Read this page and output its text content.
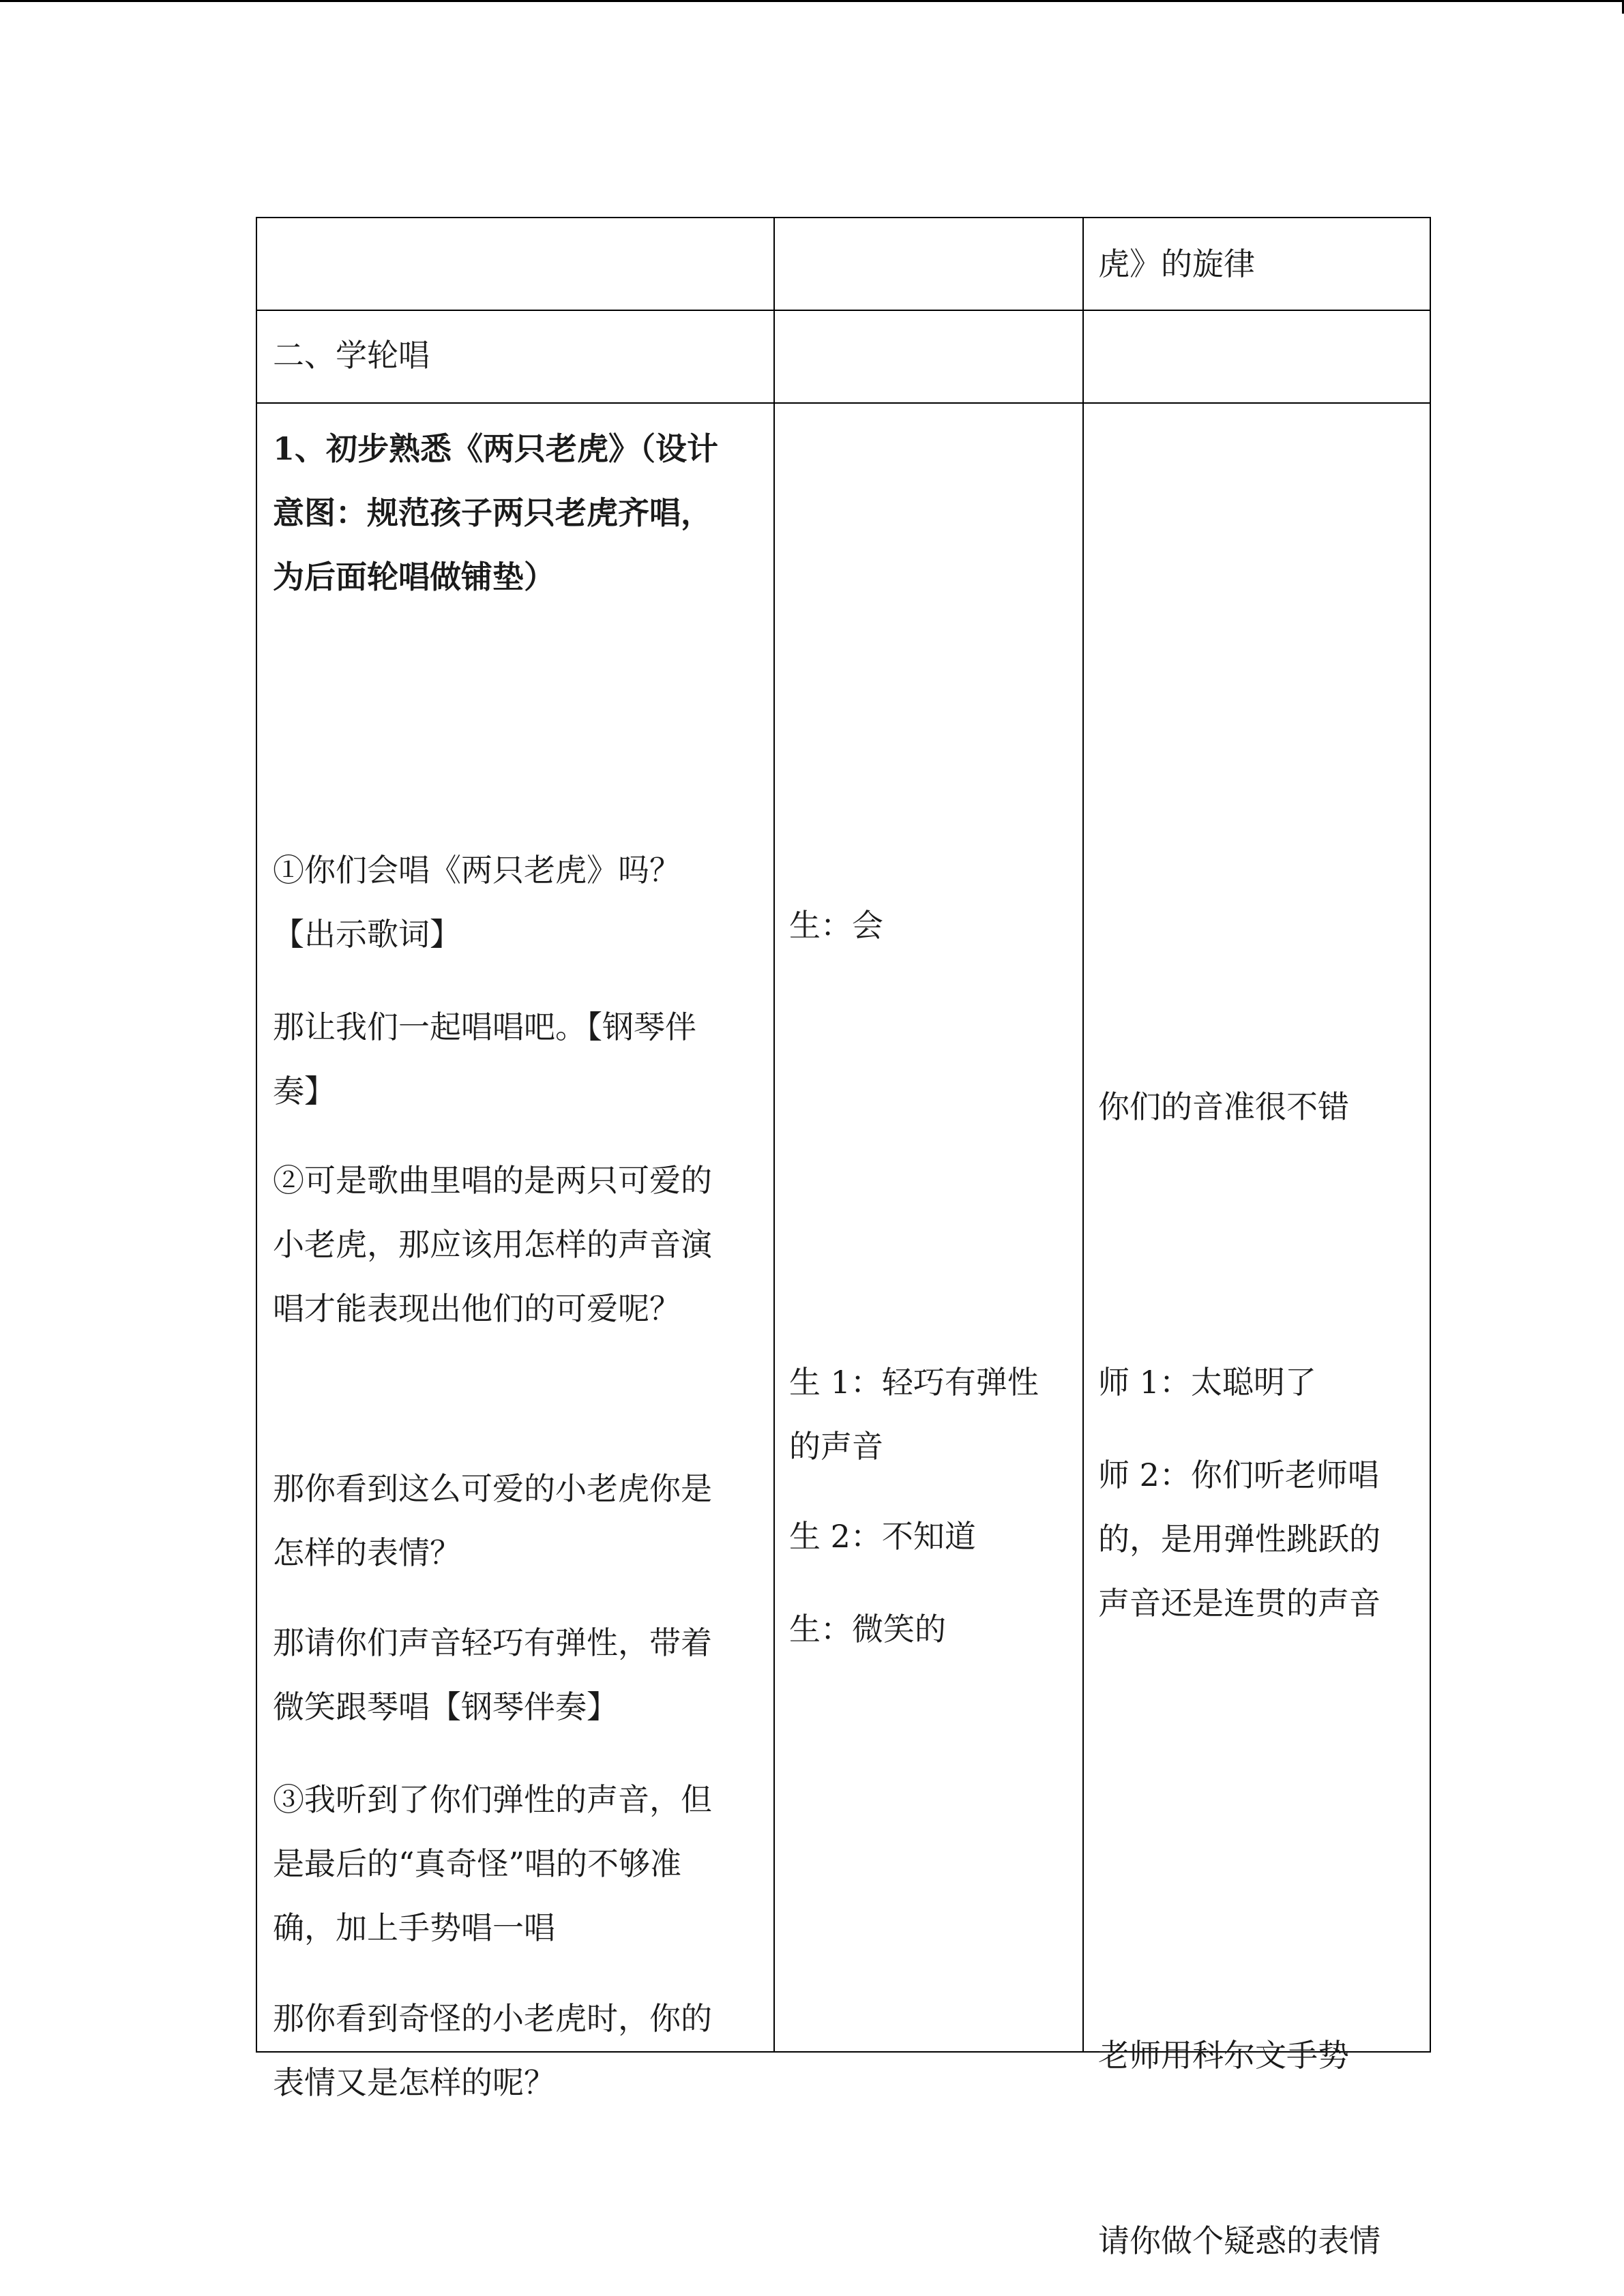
虎》的旋律
二、学轮唱
1、初步熟悉《两只老虎》（设计
意图：规范孩子两只老虎齐唱，
为后面轮唱做铺垫）
①你们会唱《两只老虎》吗？
【出示歌词】
那让我们一起唱唱吧。【钢琴伴
奏】
②可是歌曲里唱的是两只可爱的
小老虎，那应该用怎样的声音演
唱才能表现出他们的可爱呢？
那你看到这么可爱的小老虎你是
怎样的表情？
那请你们声音轻巧有弹性，带着
微笑跟琴唱【钢琴伴奏】
③我听到了你们弹性的声音，但
是最后的“真奇怪”唱的不够准
确，加上手势唱一唱
那你看到奇怪的小老虎时，你的
表情又是怎样的呢？
生：会
生 1：轻巧有弹性
的声音
生 2：不知道
生：微笑的
你们的音准很不错
师 1：太聪明了
师 2：你们听老师唱
的，是用弹性跳跃的
声音还是连贯的声音
老师用科尔文手势
请你做个疑惑的表情
